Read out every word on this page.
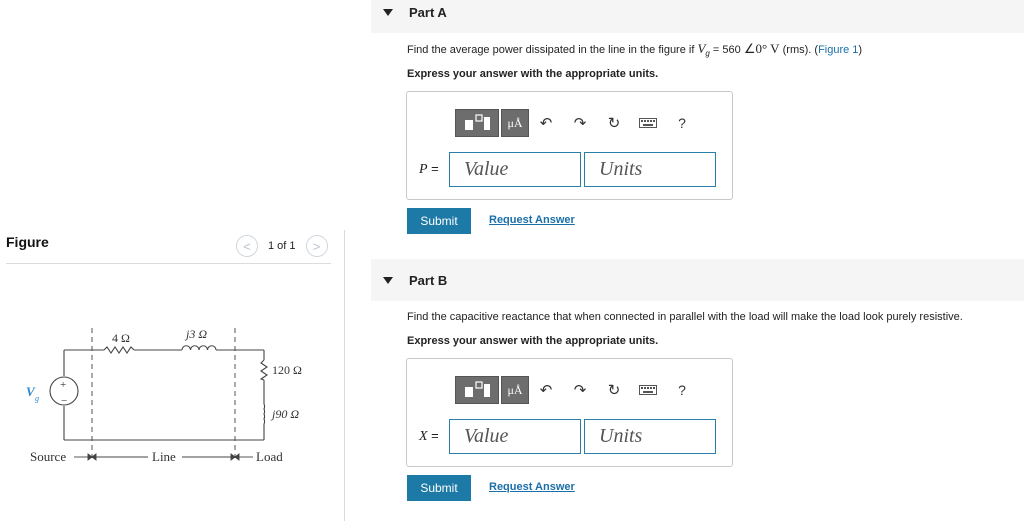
Figure	< 1 of 1 >
4 Ω	j3 Ω
120 Ω
j90 Ω
+
−
V g
Source	Line	Load
Part A
Find the average power dissipated in the line in the figure if $V_g = 560$ ∠0° V (rms). (Figure 1)
Express your answer with the appropriate units.
μÅ	↶	↷	↻	?
P =	Value	Units
Submit	Request Answer
Part B
Find the capacitive reactance that when connected in parallel with the load will make the load look purely resistive.
Express your answer with the appropriate units.
μÅ	↶	↷	↻	?
X =	Value	Units
Submit	Request Answer
